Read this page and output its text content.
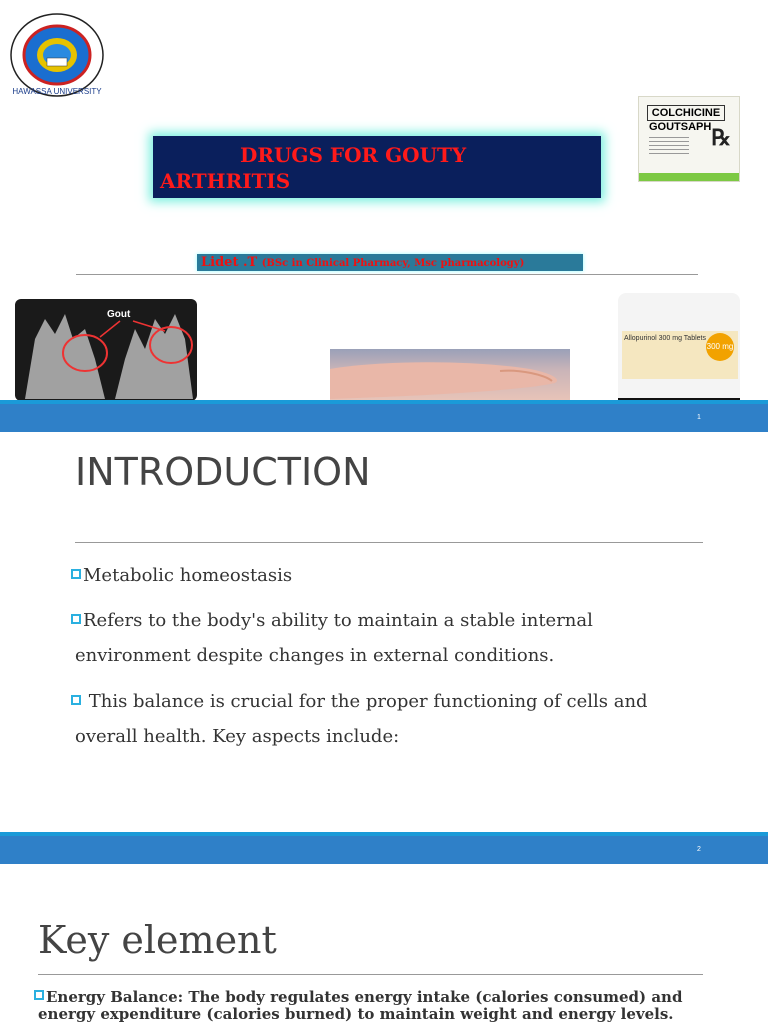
HAWASSA UNIVERSITY
DRUGS FOR GOUTY
ARTHRITIS
COLCHICINE
GOUTSAPH ℞
Lidet .T (BSc in Clinical Pharmacy, Msc pharmacology)
Gout
Allopurinol 300 mg Tablets
300 mg
1
INTRODUCTION
Metabolic homeostasis
Refers to the body's ability to maintain a stable internal environment despite changes in external conditions.
This balance is crucial for the proper functioning of cells and overall health. Key aspects include:
2
Key element
Energy Balance: The body regulates energy intake (calories consumed) and energy expenditure (calories burned) to maintain weight and energy levels.
